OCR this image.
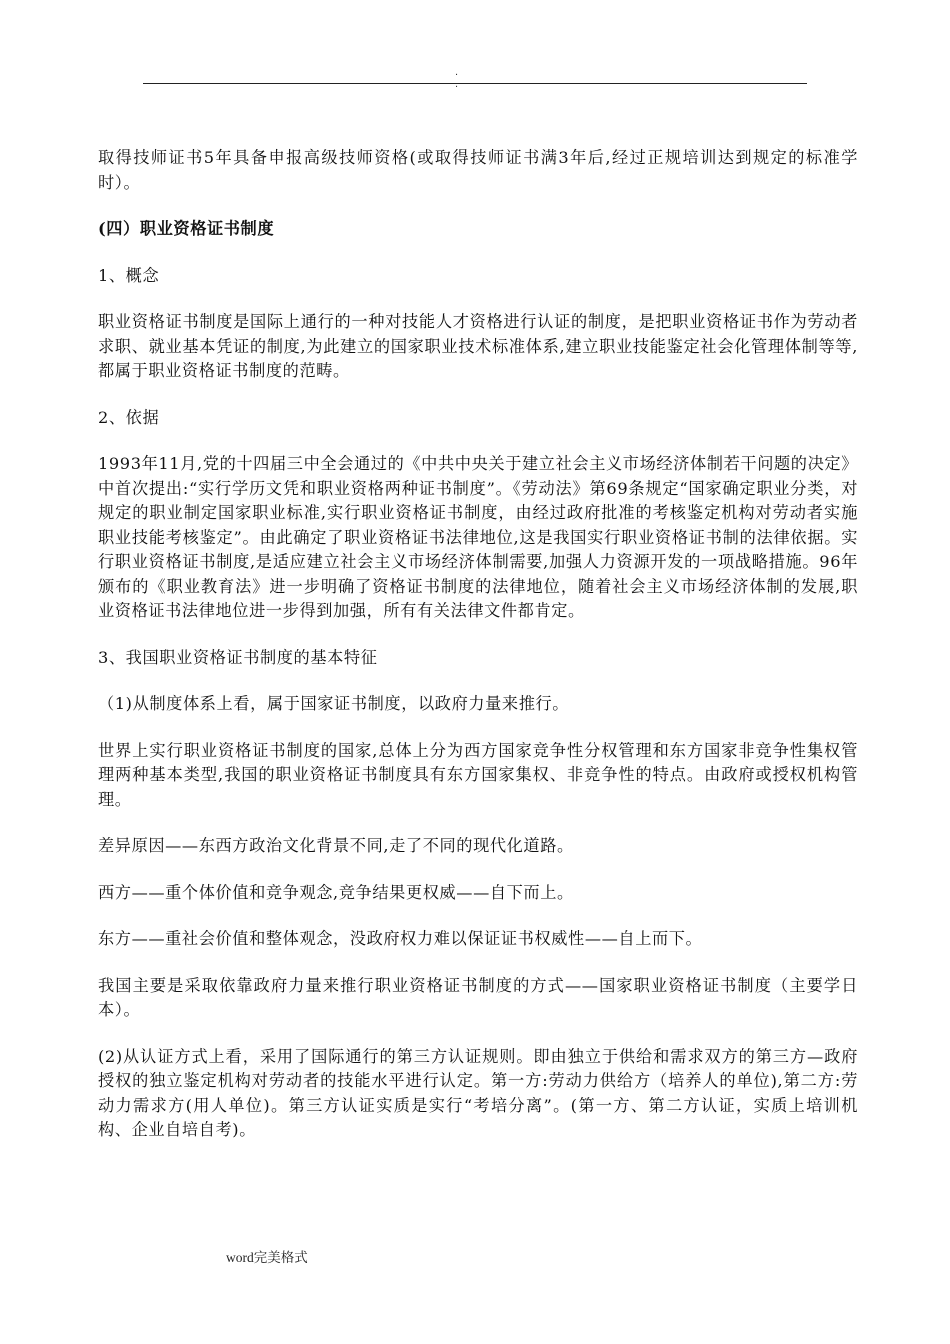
. .

取得技师证书5年具备申报高级技师资格(或取得技师证书满3年后,经过正规培训达到规定的标准学时）。

(四）职业资格证书制度

1、概念

职业资格证书制度是国际上通行的一种对技能人才资格进行认证的制度，是把职业资格证书作为劳动者求职、就业基本凭证的制度,为此建立的国家职业技术标准体系,建立职业技能鉴定社会化管理体制等等,都属于职业资格证书制度的范畴。

2、依据

1993年11月,党的十四届三中全会通过的《中共中央关于建立社会主义市场经济体制若干问题的决定》中首次提出:“实行学历文凭和职业资格两种证书制度”。《劳动法》第69条规定“国家确定职业分类，对规定的职业制定国家职业标准,实行职业资格证书制度，由经过政府批准的考核鉴定机构对劳动者实施职业技能考核鉴定”。由此确定了职业资格证书法律地位,这是我国实行职业资格证书制的法律依据。实行职业资格证书制度,是适应建立社会主义市场经济体制需要,加强人力资源开发的一项战略措施。96年颁布的《职业教育法》进一步明确了资格证书制度的法律地位，随着社会主义市场经济体制的发展,职业资格证书法律地位进一步得到加强，所有有关法律文件都肯定。

3、我国职业资格证书制度的基本特征

（1)从制度体系上看，属于国家证书制度，以政府力量来推行。

世界上实行职业资格证书制度的国家,总体上分为西方国家竞争性分权管理和东方国家非竞争性集权管理两种基本类型,我国的职业资格证书制度具有东方国家集权、非竞争性的特点。由政府或授权机构管理。

差异原因——东西方政治文化背景不同,走了不同的现代化道路。

西方——重个体价值和竞争观念,竞争结果更权威——自下而上。

东方——重社会价值和整体观念，没政府权力难以保证证书权威性——自上而下。

我国主要是采取依靠政府力量来推行职业资格证书制度的方式——国家职业资格证书制度（主要学日本）。

(2)从认证方式上看，采用了国际通行的第三方认证规则。即由独立于供给和需求双方的第三方—政府授权的独立鉴定机构对劳动者的技能水平进行认定。第一方:劳动力供给方（培养人的单位),第二方:劳动力需求方(用人单位)。第三方认证实质是实行“考培分离”。(第一方、第二方认证，实质上培训机构、企业自培自考)。

word完美格式
